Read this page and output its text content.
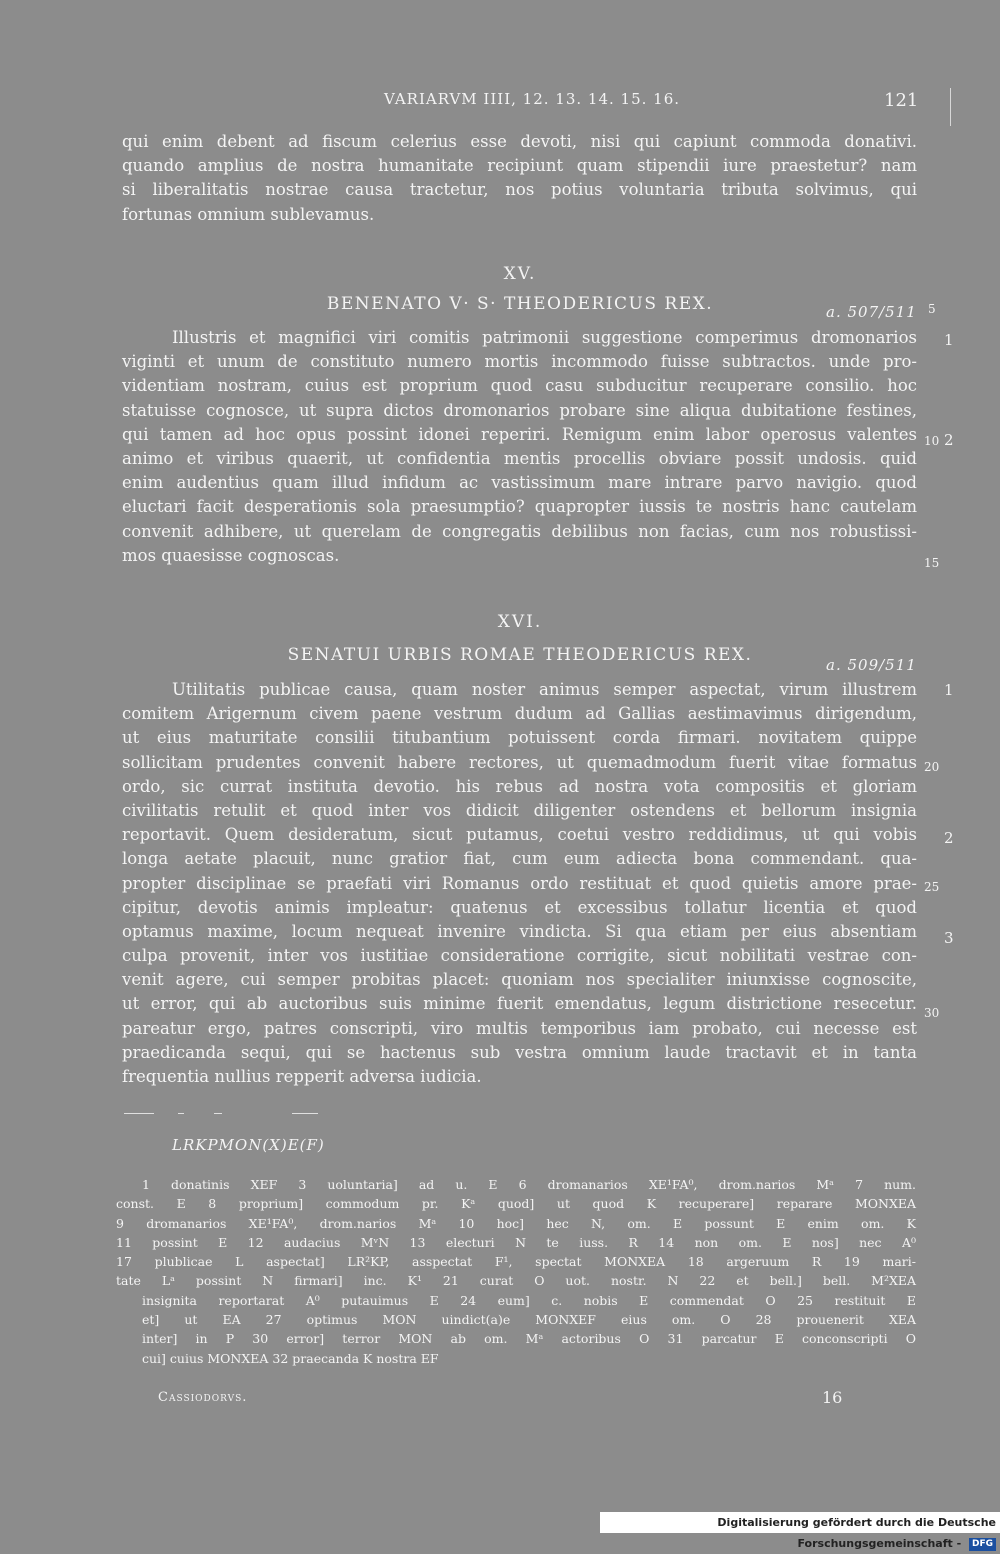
VARIARVM IIII, 12. 13. 14. 15. 16.	121
qui enim debent ad fiscum celerius esse devoti, nisi qui capiunt commoda donativi.
quando amplius de nostra humanitate recipiunt quam stipendii iure praestetur? nam
si liberalitatis nostrae causa tractetur, nos potius voluntaria tributa solvimus, qui
fortunas omnium sublevamus.
XV.
BENENATO V· S· THEODERICUS REX.	a. 507/511
Illustris et magnifici viri comitis patrimonii suggestione comperimus dromonarios
viginti et unum de constituto numero mortis incommodo fuisse subtractos. unde pro-
videntiam nostram, cuius est proprium quod casu subducitur recuperare consilio. hoc
statuisse cognosce, ut supra dictos dromonarios probare sine aliqua dubitatione festines,
qui tamen ad hoc opus possint idonei reperiri. Remigum enim labor operosus valentes
animo et viribus quaerit, ut confidentia mentis procellis obviare possit undosis. quid
enim audentius quam illud infidum ac vastissimum mare intrare parvo navigio. quod
eluctari facit desperationis sola praesumptio? quapropter iussis te nostris hanc cautelam
convenit adhibere, ut querelam de congregatis debilibus non facias, cum nos robustissi-
mos quaesisse cognoscas.
XVI.
SENATUI URBIS ROMAE THEODERICUS REX.	a. 509/511
Utilitatis publicae causa, quam noster animus semper aspectat, virum illustrem
comitem Arigernum civem paene vestrum dudum ad Gallias aestimavimus dirigendum,
ut eius maturitate consilii titubantium potuissent corda firmari. novitatem quippe
sollicitam prudentes convenit habere rectores, ut quemadmodum fuerit vitae formatus
ordo, sic currat instituta devotio. his rebus ad nostra vota compositis et gloriam
civilitatis retulit et quod inter vos didicit diligenter ostendens et bellorum insignia
reportavit. Quem desideratum, sicut putamus, coetui vestro reddidimus, ut qui vobis
longa aetate placuit, nunc gratior fiat, cum eum adiecta bona commendant. qua-
propter disciplinae se praefati viri Romanus ordo restituat et quod quietis amore prae-
cipitur, devotis animis impleatur: quatenus et excessibus tollatur licentia et quod
optamus maxime, locum nequeat invenire vindicta. Si qua etiam per eius absentiam
culpa provenit, inter vos iustitiae consideratione corrigite, sicut nobilitati vestrae con-
venit agere, cui semper probitas placet: quoniam nos specialiter iniunxisse cognoscite,
ut error, qui ab auctoribus suis minime fuerit emendatus, legum districtione resecetur.
pareatur ergo, patres conscripti, viro multis temporibus iam probato, cui necesse est
praedicanda sequi, qui se hactenus sub vestra omnium laude tractavit et in tanta
frequentia nullius repperit adversa iudicia.
5
10
15
20
25
30
1
2
1
2
3
LRKPMON(X)E(F)
1 donatinis XEF 3 uoluntaria] ad u. E 6 dromanarios XE¹FA⁰, drom.narios Mᵃ 7 num.
const. E 8 proprium] commodum pr. Kᵃ quod] ut quod K recuperare] reparare MONXEA
9 dromanarios XE¹FA⁰, drom.narios Mᵃ 10 hoc] hec N, om. E possunt E enim om. K
11 possint E 12 audacius MᵛN 13 electuri N te iuss. R 14 non om. E nos] nec A⁰
17 plublicae L aspectat] LR²KP, asspectat F¹, spectat MONXEA 18 argeruum R 19 mari-
tate Lᵃ possint N firmari] inc. K¹ 21 curat O uot. nostr. N 22 et bell.] bell. M²XEA
insignita reportarat A⁰ putauimus E 24 eum] c. nobis E commendat O 25 restituit E
et] ut EA 27 optimus MON uindict(a)e MONXEF eius om. O 28 prouenerit XEA
inter] in P 30 error] terror MON ab om. Mᵃ actoribus O 31 parcatur E conconscripti O
cui] cuius MONXEA 32 praecanda K nostra EF
Cassiodorvs.	16
Digitalisierung gefördert durch die Deutsche Forschungsgemeinschaft - DFG
